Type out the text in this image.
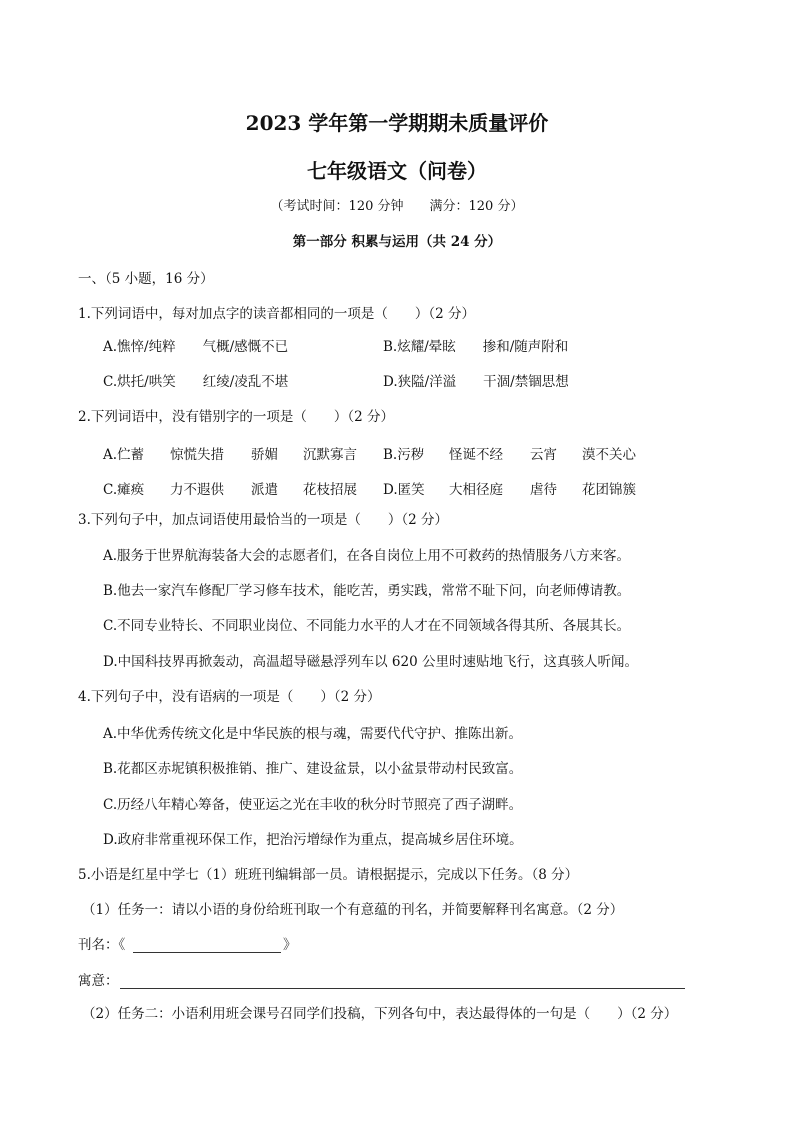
2023 学年第一学期期未质量评价
七年级语文（问卷）
（考试时间：120 分钟　　满分：120 分）
第一部分 积累与运用（共 24 分）
一、（5 小题，16 分）
1.下列词语中，每对加点字的读音都相同的一项是（　　）（2 分）
A.憔悴/纯粹　　气概/感慨不已	B.炫耀/晕眩　　掺和/随声附和
C.烘托/哄笑　　红绫/凌乱不堪	D.狭隘/洋溢　　干涸/禁锢思想
2.下列词语中，没有错别字的一项是（　　）（2 分）
A.伫蓄 惊慌失措 骄媚 沉默寡言 B.污秽 怪诞不经 云宵 漠不关心
C.瘫痪 力不遐供 派遣 花枝招展 D.匿笑 大相径庭 虐待 花团锦簇
3.下列句子中，加点词语使用最恰当的一项是（　　）（2 分）
A.服务于世界航海装备大会的志愿者们，在各自岗位上用不可救药的热情服务八方来客。
B.他去一家汽车修配厂学习修车技术，能吃苦，勇实践，常常不耻下问，向老师傅请教。
C.不同专业特长、不同职业岗位、不同能力水平的人才在不同领域各得其所、各展其长。
D.中国科技界再掀轰动，高温超导磁悬浮列车以 620 公里时速贴地飞行，这真骇人听闻。
4.下列句子中，没有语病的一项是（　　）（2 分）
A.中华优秀传统文化是中华民族的根与魂，需要代代守护、推陈出新。
B.花都区赤坭镇积极推销、推广、建设盆景，以小盆景带动村民致富。
C.历经八年精心筹备，使亚运之光在丰收的秋分时节照亮了西子湖畔。
D.政府非常重视环保工作，把治污增绿作为重点，提高城乡居住环境。
5.小语是红星中学七（1）班班刊编辑部一员。请根据提示，完成以下任务。（8 分）
（1）任务一：请以小语的身份给班刊取一个有意蕴的刊名，并简要解释刊名寓意。（2 分）
刊名：《	》
寓意：
（2）任务二：小语利用班会课号召同学们投稿，下列各句中，表达最得体的一句是（　　）（2 分）
